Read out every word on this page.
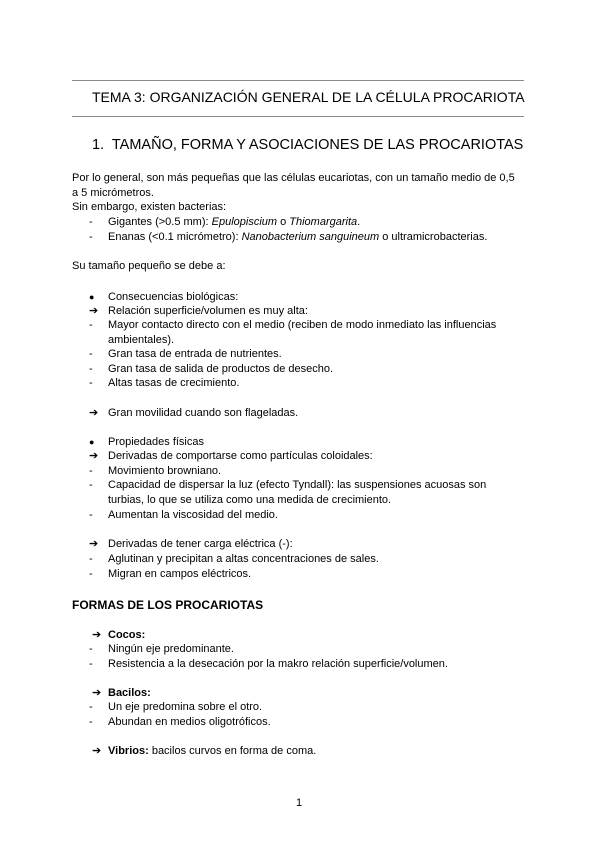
TEMA 3: ORGANIZACIÓN GENERAL DE LA CÉLULA PROCARIOTA
1. TAMAÑO, FORMA Y ASOCIACIONES DE LAS PROCARIOTAS
Por lo general, son más pequeñas que las células eucariotas, con un tamaño medio de 0,5
a 5 micrómetros.
Sin embargo, existen bacterias:
-	Gigantes (>0.5 mm): Epulopiscium o Thiomargarita.
-	Enanas (<0.1 micrómetro): Nanobacterium sanguineum o ultramicrobacterias.
Su tamaño pequeño se debe a:
●	Consecuencias biológicas:
➔ Relación superficie/volumen es muy alta:
-	Mayor contacto directo con el medio (reciben de modo inmediato las influencias
ambientales).
-	Gran tasa de entrada de nutrientes.
-	Gran tasa de salida de productos de desecho.
-	Altas tasas de crecimiento.
➔ Gran movilidad cuando son flageladas.
●	Propiedades físicas
➔ Derivadas de comportarse como partículas coloidales:
-	Movimiento browniano.
-	Capacidad de dispersar la luz (efecto Tyndall): las suspensiones acuosas son
turbias, lo que se utiliza como una medida de crecimiento.
-	Aumentan la viscosidad del medio.
➔ Derivadas de tener carga eléctrica (-):
-	Aglutinan y precipitan a altas concentraciones de sales.
-	Migran en campos eléctricos.
FORMAS DE LOS PROCARIOTAS
➔ Cocos:
-	Ningún eje predominante.
-	Resistencia a la desecación por la makro relación superficie/volumen.
➔ Bacilos:
-	Un eje predomina sobre el otro.
-	Abundan en medios oligotróficos.
➔ Vibrios: bacilos curvos en forma de coma.
1
